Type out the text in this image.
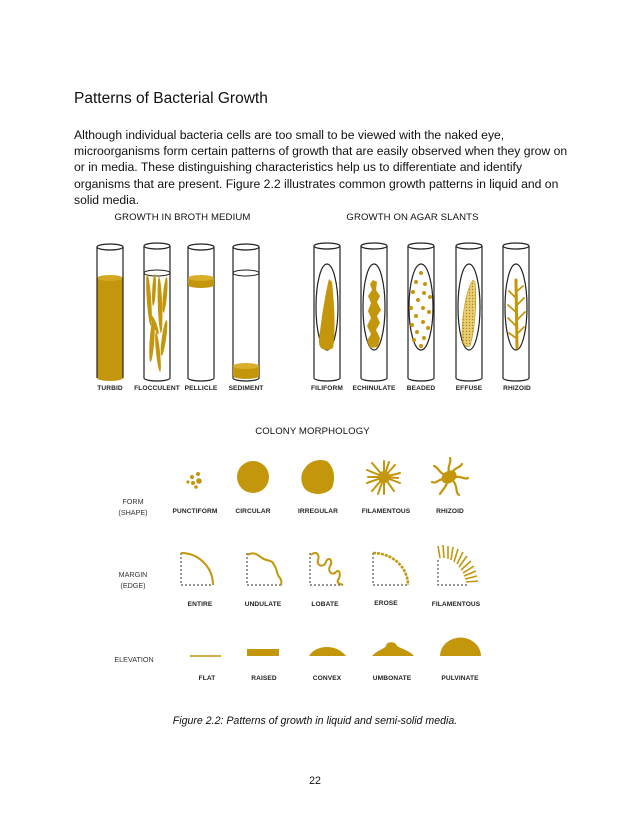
Patterns of Bacterial Growth
Although individual bacteria cells are too small to be viewed with the naked eye, microorganisms form certain patterns of growth that are easily observed when they grow on or in media. These distinguishing characteristics help us to differentiate and identify organisms that are present. Figure 2.2 illustrates common growth patterns in liquid and on solid media.
GROWTH IN BROTH MEDIUM
TURBID	FLOCCULENT PELLICLE	SEDIMENT
GROWTH ON AGAR SLANTS
FILIFORM	ECHINULATE	BEADED	EFFUSE	RHIZOID
COLONY MORPHOLOGY
FORM
(SHAPE)	PUNCTIFORM	CIRCULAR	IRREGULAR	FILAMENTOUS	RHIZOID
MARGIN
(EDGE)
ENTIRE	UNDULATE	LOBATE	EROSE	FILAMENTOUS
ELEVATION
FLAT	RAISED	CONVEX	UMBONATE	PULVINATE
Figure 2.2: Patterns of growth in liquid and semi-solid media.
22
